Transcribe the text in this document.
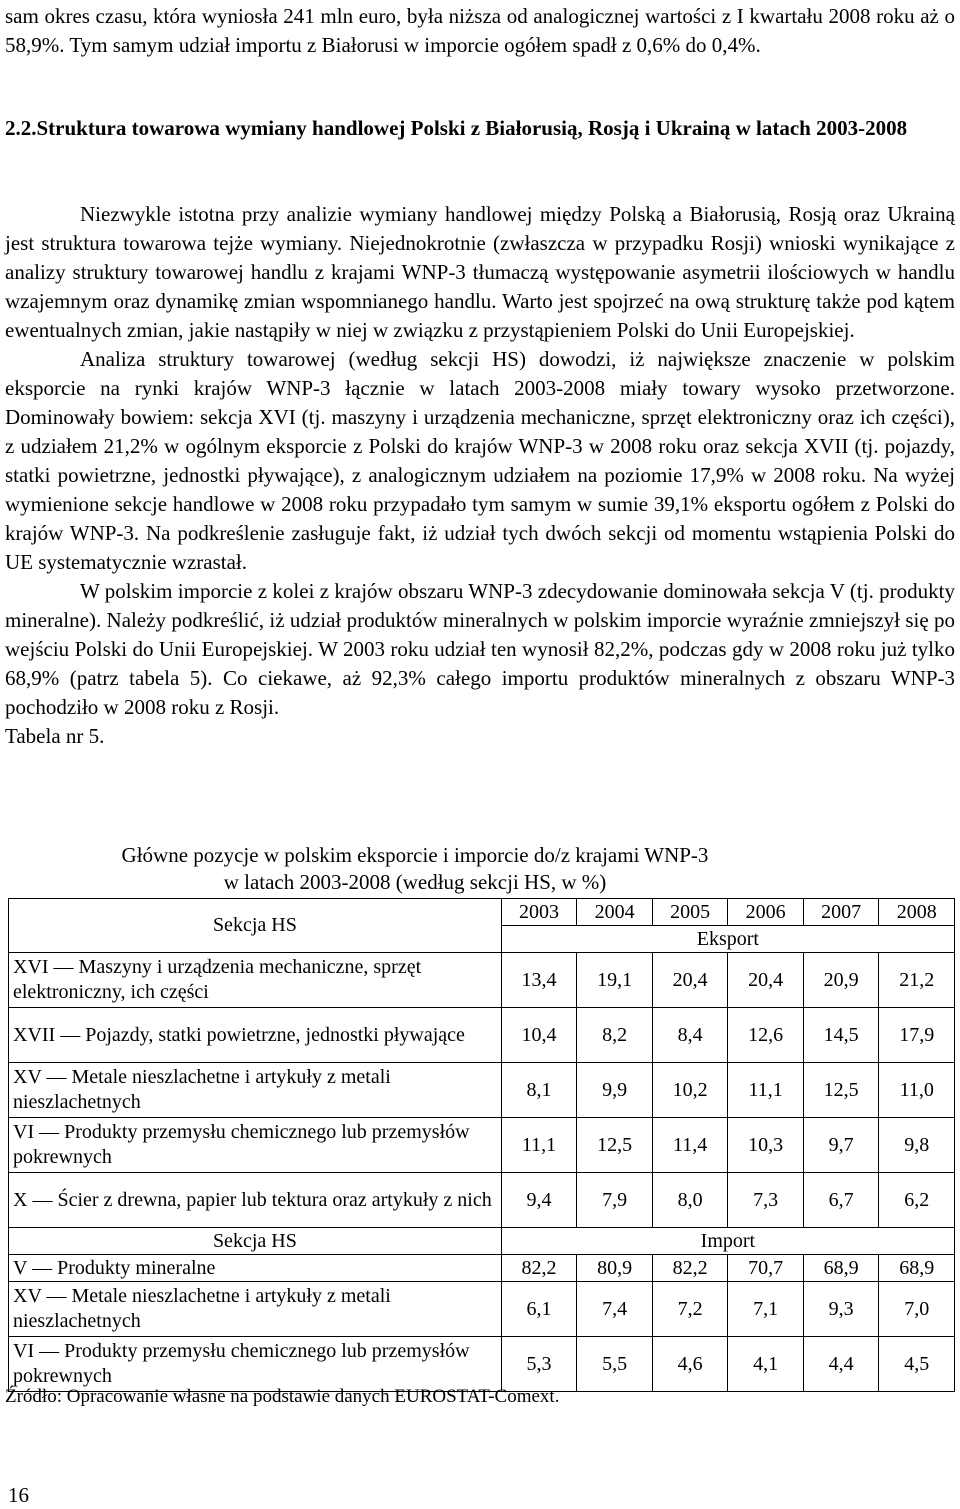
sam okres czasu, która wyniosła 241 mln euro, była niższa od analogicznej wartości z I kwartału 2008 roku aż o 58,9%. Tym samym udział importu z Białorusi w imporcie ogółem spadł z 0,6% do 0,4%.

2.2.Struktura towarowa wymiany handlowej Polski z Białorusią, Rosją i Ukrainą w latach 2003-2008

Niezwykle istotna przy analizie wymiany handlowej między Polską a Białorusią, Rosją oraz Ukrainą jest struktura towarowa tejże wymiany. Niejednokrotnie (zwłaszcza w przypadku Rosji) wnioski wynikające z analizy struktury towarowej handlu z krajami WNP-3 tłumaczą występowanie asymetrii ilościowych w handlu wzajemnym oraz dynamikę zmian wspomnianego handlu. Warto jest spojrzeć na ową strukturę także pod kątem ewentualnych zmian, jakie nastąpiły w niej w związku z przystąpieniem Polski do Unii Europejskiej.

Analiza struktury towarowej (według sekcji HS) dowodzi, iż największe znaczenie w polskim eksporcie na rynki krajów WNP-3 łącznie w latach 2003-2008 miały towary wysoko przetworzone. Dominowały bowiem: sekcja XVI (tj. maszyny i urządzenia mechaniczne, sprzęt elektroniczny oraz ich części), z udziałem 21,2% w ogólnym eksporcie z Polski do krajów WNP-3 w 2008 roku oraz sekcja XVII (tj. pojazdy, statki powietrzne, jednostki pływające), z analogicznym udziałem na poziomie 17,9% w 2008 roku. Na wyżej wymienione sekcje handlowe w 2008 roku przypadało tym samym w sumie 39,1% eksportu ogółem z Polski do krajów WNP-3. Na podkreślenie zasługuje fakt, iż udział tych dwóch sekcji od momentu wstąpienia Polski do UE systematycznie wzrastał.

W polskim imporcie z kolei z krajów obszaru WNP-3 zdecydowanie dominowała sekcja V (tj. produkty mineralne). Należy podkreślić, iż udział produktów mineralnych w polskim imporcie wyraźnie zmniejszył się po wejściu Polski do Unii Europejskiej. W 2003 roku udział ten wynosił 82,2%, podczas gdy w 2008 roku już tylko 68,9% (patrz tabela 5). Co ciekawe, aż 92,3% całego importu produktów mineralnych z obszaru WNP-3 pochodziło w 2008 roku z Rosji.

Tabela nr 5.

Główne pozycje w polskim eksporcie i imporcie do/z krajami WNP-3
w latach 2003-2008 (według sekcji HS, w %)
Sekcja HS	2003	2004	2005	2006	2007	2008
	Eksport					
XVI — Maszyny i urządzenia mechaniczne, sprzęt elektroniczny, ich części	13,4	19,1	20,4	20,4	20,9	21,2
XVII — Pojazdy, statki powietrzne, jednostki pływające	10,4	8,2	8,4	12,6	14,5	17,9
XV — Metale nieszlachetne i artykuły z metali nieszlachetnych	8,1	9,9	10,2	11,1	12,5	11,0
VI — Produkty przemysłu chemicznego lub przemysłów pokrewnych	11,1	12,5	11,4	10,3	9,7	9,8
X — Ścier z drewna, papier lub tektura oraz artykuły z nich	9,4	7,9	8,0	7,3	6,7	6,2
Sekcja HS	Import					
V — Produkty mineralne	82,2	80,9	82,2	70,7	68,9	68,9
XV — Metale nieszlachetne i artykuły z metali nieszlachetnych	6,1	7,4	7,2	7,1	9,3	7,0
VI — Produkty przemysłu chemicznego lub przemysłów pokrewnych	5,3	5,5	4,6	4,1	4,4	4,5
Źródło: Opracowanie własne na podstawie danych EUROSTAT-Comext.
16
